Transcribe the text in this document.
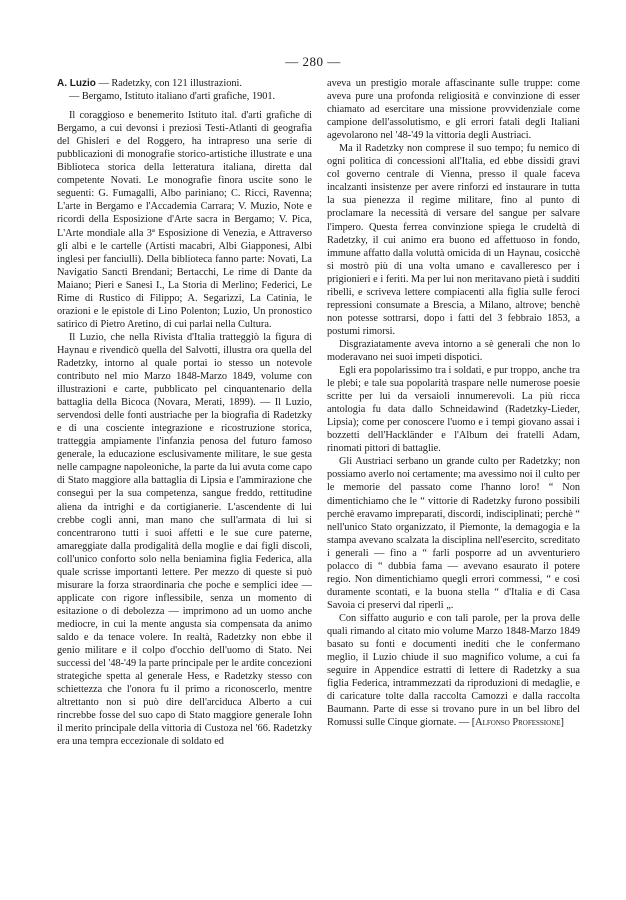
— 280 —

A. Luzio — Radetzky, con 121 illustrazioni.
— Bergamo, Istituto italiano d'arti grafiche, 1901.

Il coraggioso e benemerito Istituto ital. d'arti grafiche di Bergamo, a cui devonsi i preziosi Testi-Atlanti di geografia del Ghisleri e del Roggero, ha intrapreso una serie di pubblicazioni di monografie storico-artistiche illustrate e una Biblioteca storica della letteratura italiana, diretta dal competente Novati. Le monografie finora uscite sono le seguenti: G. Fumagalli, Albo pariniano; C. Ricci, Ravenna; L'arte in Bergamo e l'Accademia Carrara; V. Muzio, Note e ricordi della Esposizione d'Arte sacra in Bergamo; V. Pica, L'Arte mondiale alla 3ª Esposizione di Venezia, e Attraverso gli albi e le cartelle (Artisti macabri, Albi Giapponesi, Albi inglesi per fanciulli). Della biblioteca fanno parte: Novati, La Navigatio Sancti Brendani; Bertacchi, Le rime di Dante da Maiano; Pieri e Sanesi I., La Storia di Merlino; Federici, Le Rime di Rustico di Filippo; A. Segarizzi, La Catinia, le orazioni e le epistole di Lino Polenton; Luzio, Un pronostico satirico di Pietro Aretino, di cui parlai nella Cultura.

Il Luzio, che nella Rivista d'Italia tratteggiò la figura di Haynau e rivendicò quella del Salvotti, illustra ora quella del Radetzky, intorno al quale portai io stesso un notevole contributo nel mio Marzo 1848-Marzo 1849, volume con illustrazioni e carte, pubblicato pel cinquantenario della battaglia della Bicoca (Novara, Merati, 1899). — Il Luzio, servendosi delle fonti austriache per la biografia di Radetzky e di una cosciente integrazione e ricostruzione storica, tratteggia ampiamente l'infanzia penosa del futuro famoso generale, la educazione esclusivamente militare, le sue gesta nelle campagne napoleoniche, la parte da lui avuta come capo di Stato maggiore alla battaglia di Lipsia e l'ammirazione che conseguì per la sua competenza, sangue freddo, rettitudine aliena da intrighi e da cortigianerie. L'ascendente di lui crebbe cogli anni, man mano che sull'armata di lui si concentrarono tutti i suoi affetti e le sue cure paterne, amareggiate dalla prodigalità della moglie e dai figli discoli, coll'unico conforto solo nella beniamina figlia Federica, alla quale scrisse importanti lettere. Per mezzo di queste si può misurare la forza straordinaria che poche e semplici idee — applicate con rigore inflessibile, senza un momento di esitazione o di debolezza — imprimono ad un uomo anche mediocre, in cui la mente angusta sia compensata da animo saldo e da tenace volere. In realtà, Radetzky non ebbe il genio militare e il colpo d'occhio dell'uomo di Stato. Nei successi del '48-'49 la parte principale per le ardite concezioni strategiche spetta al generale Hess, e Radetzky stesso con schiettezza che l'onora fu il primo a riconoscerlo, mentre altrettanto non si può dire dell'arciduca Alberto a cui rincrebbe fosse del suo capo di Stato maggiore generale Iohn il merito principale della vittoria di Custoza nel '66. Radetzky era una tempra eccezionale di soldato ed

aveva un prestigio morale affascinante sulle truppe: come aveva pure una profonda religiosità e convinzione di esser chiamato ad esercitare una missione provvidenziale come campione dell'assolutismo, e gli errori fatali degli Italiani agevolarono nel '48-'49 la vittoria degli Austriaci.

Ma il Radetzky non comprese il suo tempo; fu nemico di ogni politica di concessioni all'Italia, ed ebbe dissidi gravi col governo centrale di Vienna, presso il quale faceva incalzanti insistenze per avere rinforzi ed instaurare in tutta la sua pienezza il regime militare, fino al punto di proclamare la necessità di versare del sangue per salvare l'impero. Questa ferrea convinzione spiega le crudeltà di Radetzky, il cui animo era buono ed affettuoso in fondo, immune affatto dalla voluttà omicida di un Haynau, cosicchè si mostrò più di una volta umano e cavalleresco per i prigionieri e i feriti. Ma per lui non meritavano pietà i sudditi ribelli, e scriveva lettere compiacenti alla figlia sulle feroci repressioni consumate a Brescia, a Milano, altrove; benchè non potesse sottrarsi, dopo i fatti del 3 febbraio 1853, a postumi rimorsi.

Disgraziatamente aveva intorno a sè generali che non lo moderavano nei suoi impeti dispotici.

Egli era popolarissimo tra i soldati, e pur troppo, anche tra le plebi; e tale sua popolarità trasparе nelle numerose poesie scritte per lui da versaioli innumerevoli. La più ricca antologia fu data dallo Schneidawind (Radetzky-Lieder, Lipsia); come per conoscere l'uomo e i tempi giovano assai i bozzetti dell'Hackländer e l'Album dei fratelli Adam, rinomati pittori di battaglie.

Gli Austriaci serbano un grande culto per Radetzky; non possiamo averlo noi certamente; ma avessimo noi il culto per le memorie del passato come l'hanno loro! “ Non dimentichiamo che le “ vittorie di Radetzky furono possibili perchè eravamo impreparati, discordi, indisciplinati; perchè “ nell'unico Stato organizzato, il Piemonte, la demagogia e la stampa avevano scalzata la disciplina nell'esercito, screditato i generali — fino a “ farli posporre ad un avventuriero polacco di “ dubbia fama — avevano esaurato il potere regio. Non dimentichiamo quegli errori commessi, “ e così duramente scontati, e la buona stella “ d'Italia e di Casa Savoia ci preservi dal riperli „.

Con siffatto augurio e con tali parole, per la prova delle quali rimando al citato mio volume Marzo 1848-Marzo 1849 basato su fonti e documenti inediti che le confermano meglio, il Luzio chiude il suo magnifico volume, a cui fa seguire in Appendice estratti di lettere di Radetzky a sua figlia Federica, intrammezzati da riproduzioni di medaglie, e di caricature tolte dalla raccolta Camozzi e dalla raccolta Baumann. Parte di esse si trovano pure in un bel libro del Romussi sulle Cinque giornate. — [Alfonso Professione]
